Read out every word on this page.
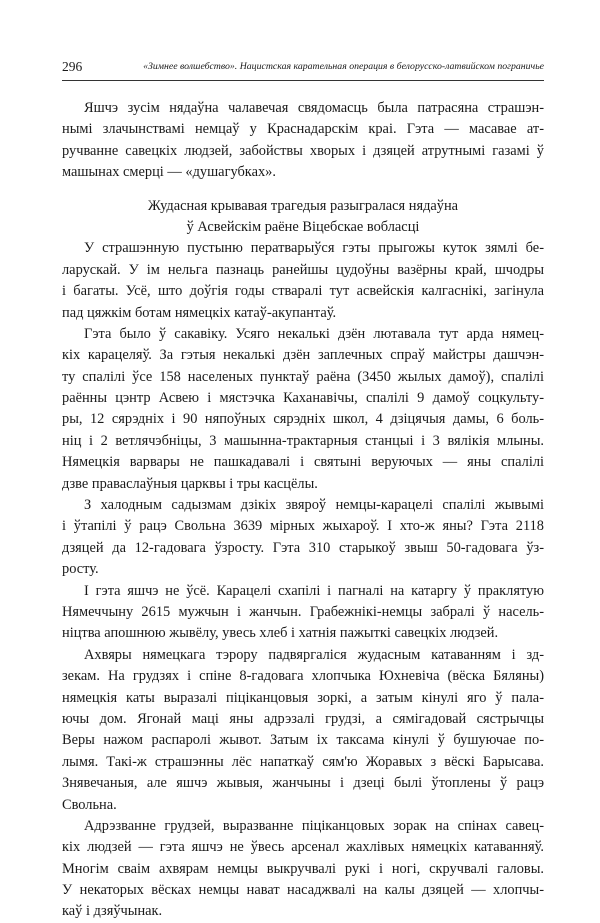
296	«Зимнее волшебство». Нацистская карательная операция в белорусско-латвийском пограничье
Яшчэ зусім нядаўна чалавечая свядомасць была патрасяна страшэн-
нымі злачынствамі немцаў у Краснадарскім краі. Гэта — масавае ат-
ручванне савецкіх людзей, забойствы хворых і дзяцей атрутнымі газамі ў
машынах смерці — «душагубках».
Жудасная крывавая трагедыя разыгралася нядаўна
ў Асвейскім раёне Віцебскае вобласці
У страшэнную пустыню ператварыўся гэты прыгожы куток зямлі бе-
ларускай. У ім нельга пазнаць ранейшы цудоўны вазёрны край, шчодры
і багаты. Усё, што доўгія годы стваралі тут асвейскія калгаснікі, загінула
пад цяжкім ботам нямецкіх катаў-акупантаў.
Гэта было ў сакавіку. Усяго некалькі дзён лютавала тут арда нямец-
кіх карацеляў. За гэтыя некалькі дзён заплечных спраў майстры дашчэн-
ту спалілі ўсе 158 населеных пунктаў раёна (3450 жылых дамоў), спалілі
раённы цэнтр Асвею і мястэчка Каханавічы, спалілі 9 дамоў соцкульту-
ры, 12 сярэдніх і 90 няпоўных сярэдніх школ, 4 дзіцячыя дамы, 6 боль-
ніц і 2 ветлячэбніцы, 3 машынна-трактарныя станцыі і 3 вялікія млыны.
Нямецкія варвары не пашкадавалі і святыні веруючых — яны спалілі
дзве праваслаўныя царквы і тры касцёлы.
З халодным садызмам дзікіх звяроў немцы-карацелі спалілі жывымі
і ўтапілі ў рацэ Свольна 3639 мірных жыхароў. І хто-ж яны? Гэта 2118
дзяцей да 12-гадовага ўзросту. Гэта 310 старыкоў звыш 50-гадовага ўз-
росту.
І гэта яшчэ не ўсё. Карацелі схапілі і пагналі на катаргу ў праклятую
Нямеччыну 2615 мужчын і жанчын. Грабежнікі-немцы забралі ў насель-
ніцтва апошнюю жывёлу, увесь хлеб і хатнія пажыткі савецкіх людзей.
Ахвяры нямецкага тэрору падвяргаліся жудасным катаванням і зд-
зекам. На грудзях і спіне 8-гадовага хлопчыка Юхневіча (вёска Бяляны)
нямецкія каты выразалі піціканцовыя зоркі, а затым кінулі яго ў пала-
ючы дом. Ягонай маці яны адрэзалі грудзі, а сямігадовай сястрычцы
Веры нажом распаролі жывот. Затым іх таксама кінулі ў бушуючае по-
лымя. Такі-ж страшэнны лёс напаткаў сям'ю Жоравых з вёскі Барысава.
Знявечаныя, але яшчэ жывыя, жанчыны і дзеці былі ўтоплены ў рацэ
Свольна.
Адрэзванне грудзей, выразванне піціканцовых зорак на спінах савец-
кіх людзей — гэта яшчэ не ўвесь арсенал жахлівых нямецкіх катаванняў.
Многім сваім ахвярам немцы выкручвалі рукі і ногі, скручвалі галовы.
У некаторых вёсках немцы нават насаджвалі на калы дзяцей — хлопчы-
каў і дзяўчынак.
